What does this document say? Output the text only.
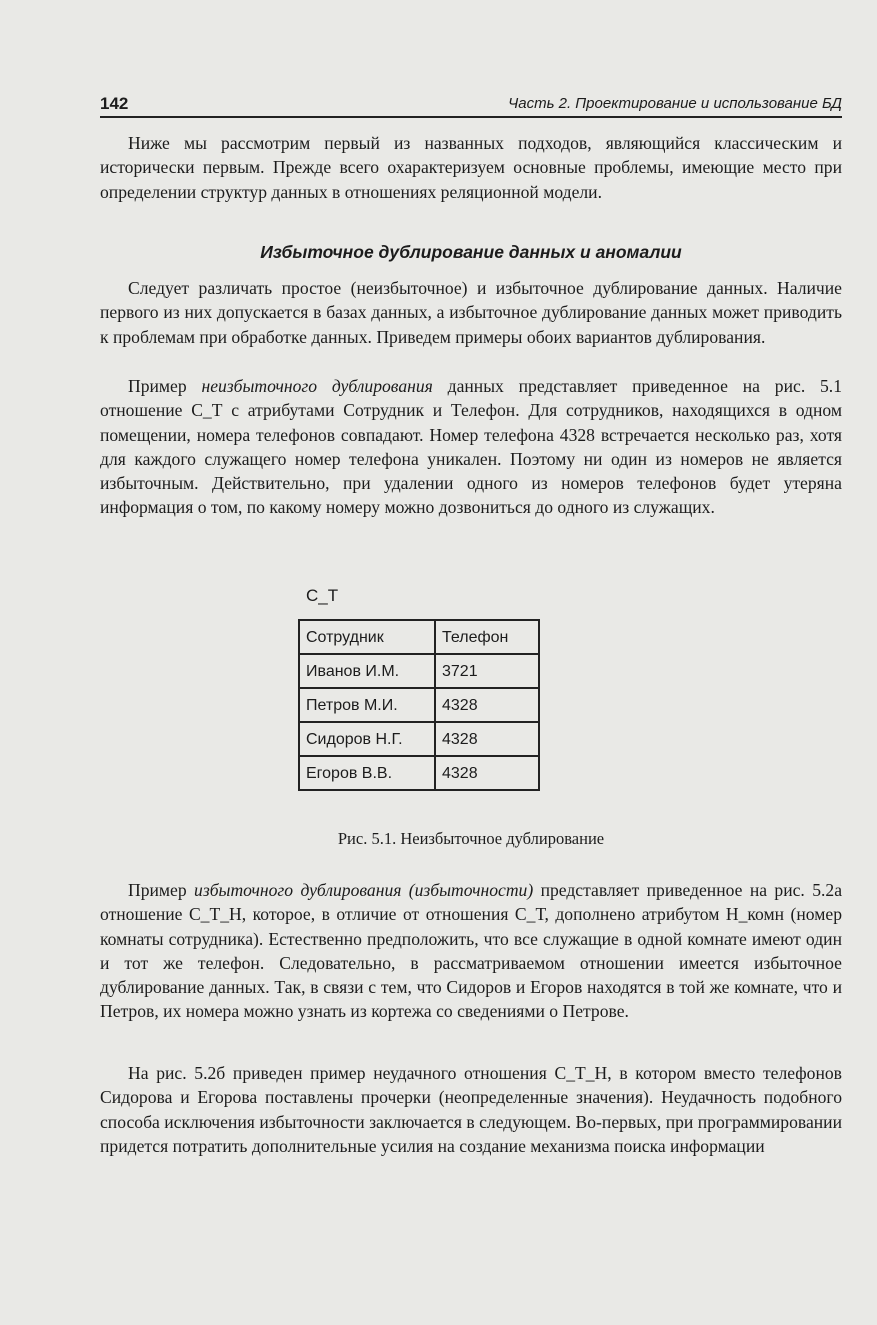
142	Часть 2. Проектирование и использование БД

Ниже мы рассмотрим первый из названных подходов, являющийся классическим и исторически первым. Прежде всего охарактеризуем основные проблемы, имеющие место при определении структур данных в отношениях реляционной модели.

Избыточное дублирование данных и аномалии

Следует различать простое (неизбыточное) и избыточное дублирование данных. Наличие первого из них допускается в базах данных, а избыточное дублирование данных может приводить к проблемам при обработке данных. Приведем примеры обоих вариантов дублирования.

Пример неизбыточного дублирования данных представляет приведенное на рис. 5.1 отношение С_Т с атрибутами Сотрудник и Телефон. Для сотрудников, находящихся в одном помещении, номера телефонов совпадают. Номер телефона 4328 встречается несколько раз, хотя для каждого служащего номер телефона уникален. Поэтому ни один из номеров не является избыточным. Действительно, при удалении одного из номеров телефонов будет утеряна информация о том, по какому номеру можно дозвониться до одного из служащих.

С_Т
Сотрудник	Телефон
Иванов И.М.	3721
Петров М.И.	4328
Сидоров Н.Г.	4328
Егоров В.В.	4328
Рис. 5.1. Неизбыточное дублирование

Пример избыточного дублирования (избыточности) представляет приведенное на рис. 5.2а отношение С_Т_Н, которое, в отличие от отношения С_Т, дополнено атрибутом Н_комн (номер комнаты сотрудника). Естественно предположить, что все служащие в одной комнате имеют один и тот же телефон. Следовательно, в рассматриваемом отношении имеется избыточное дублирование данных. Так, в связи с тем, что Сидоров и Егоров находятся в той же комнате, что и Петров, их номера можно узнать из кортежа со сведениями о Петрове.

На рис. 5.2б приведен пример неудачного отношения С_Т_Н, в котором вместо телефонов Сидорова и Егорова поставлены прочерки (неопределенные значения). Неудачность подобного способа исключения избыточности заключается в следующем. Во-первых, при программировании придется потратить дополнительные усилия на создание механизма поиска информации
